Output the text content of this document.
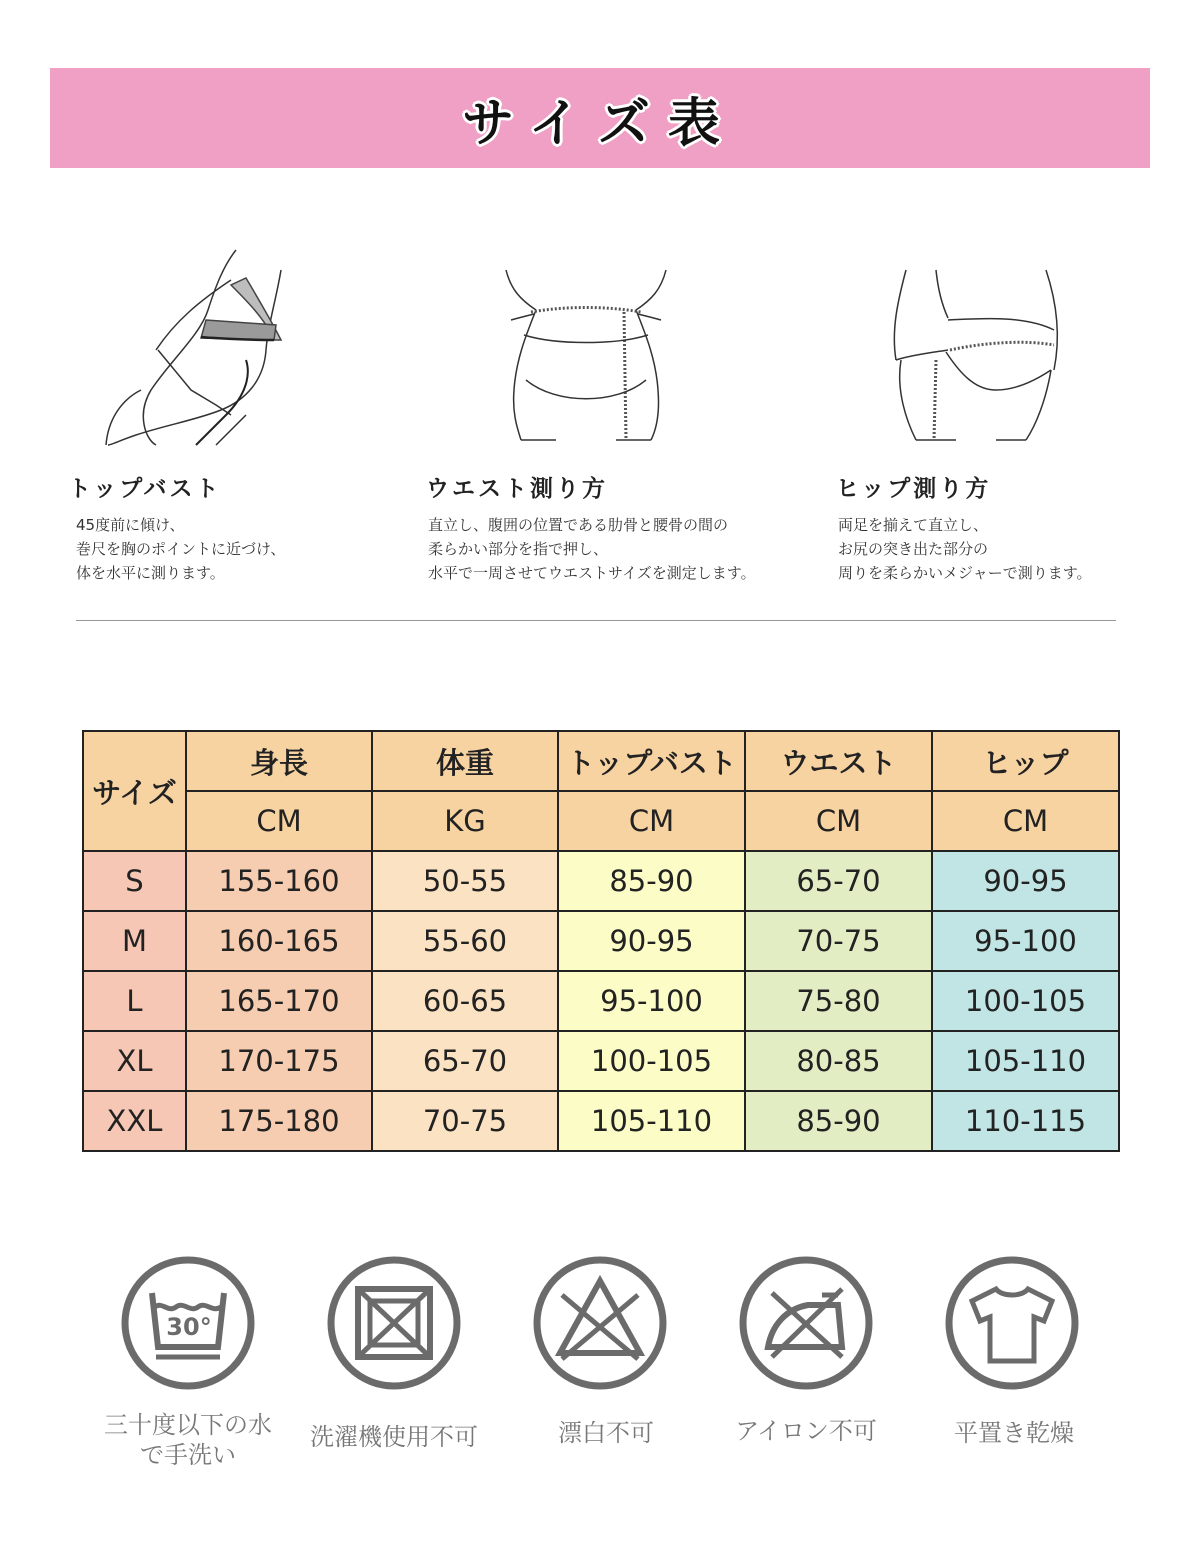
サイズ表
トップバスト
45度前に傾け、
巻尺を胸のポイントに近づけ、
体を水平に測ります。
ウエスト測り方
直立し、腹囲の位置である肋骨と腰骨の間の
柔らかい部分を指で押し、
水平で一周させてウエストサイズを測定します。
ヒップ測り方
両足を揃えて直立し、
お尻の突き出た部分の
周りを柔らかいメジャーで測ります。
サイズ	身長	体重	トップバスト	ウエスト	ヒップ
	CM	KG	CM	CM	CM
S	155-160	50-55	85-90	65-70	90-95
M	160-165	55-60	90-95	70-75	95-100
L	165-170	60-65	95-100	75-80	100-105
XL	170-175	65-70	100-105	80-85	105-110
XXL	175-180	70-75	105-110	85-90	110-115
30°
三十度以下の水
で手洗い
洗濯機使用不可	漂白不可	アイロン不可	平置き乾燥
